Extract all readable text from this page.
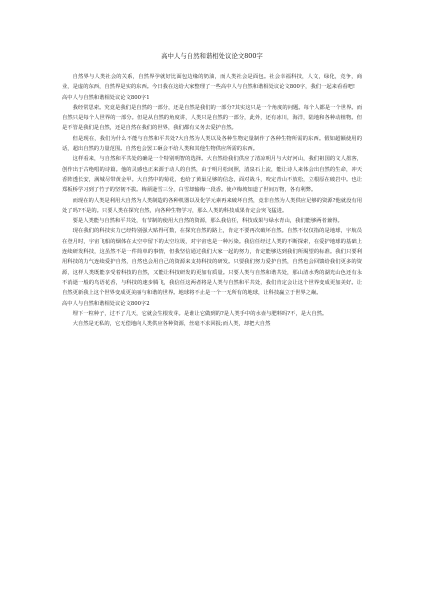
高中人与自然和谐相处议论文800字

自然界与人类社会的关系，自然界孕就好比面包边缘的奶油，而人类社会是面包。社会幸福科技，人文，绿化，竞争，商业，是虚的东西，自然界是实的东西。今日我在这给大家整理了一些高中人与自然和谐相处议论文800字，我们一起来看看吧!

高中人与自然和谐相处议论文800字1

我经常思索。究竟是我们是自然的一部分，还是自然是我们的一部分?其实这只是一个角度的问题。每个人都是一个世界。而自然只是每个人世界的一部分。但是从自然的角度讲，人类只是自然的一部分，此外，还有冰川，海洋，陆地和各种动植物。但是不管是我们是自然，还是自然在我们的世界，我们都有义务去爱护自然。

但是现在，我们为什么不能与自然和平共处?大自然为人类以及各种生物定量制作了各种生物所需的东西。假如超额使用的话，超出自然的力量范围。自然也会罢工砸会不给人类和其他生物供应所需的东西。

这样看来，与自然和平共处的确是一个特别明智的选择。大自然给我们供应了清凉明月与大好河山，我们祖国的文人墨客，创作出于古绝唱的诗篇。他的灵感也正来源于动人的自然，由于明月松间照，清泉石上流，能让诗人来体会出自然的生命，冲天香阵透长安，满城尽带黄金甲。大自然中的菊花，也给了黄巢足够的信念，面对战斗，咬定青山不放松，立根原在破岩中。也让郑板桥学习到了竹子的坚韧不拔。梅须逊雪三分，白雪却输梅一段香。使卢梅坡知道了世间万物，各有利弊。

而现在的人类是利用大自然为人类制造的各种机器以及化学元素再来破坏自然，竟非自然为人类供应足够的资源?他就没有用处了吗?不是的。只要人类在探究自然，向各种生物学习，那么人类的科技成果肯定会突飞猛进。

要是人类能与自然和平共处，有节制的使用大自然的资源，那么我信任，科技成果与绿水青山，我们能够两者兼得。

现在我们的科技实力已经特别强大贴得可数，在探究自然的路上，肯定不要再次破坏自然。自然不仅仅指的是地球，宇航员在登月时，宇宙飞船的烟体在太空中留下的太空垃圾，对宇宙也是一种污染。我信任经过人类的不断探索，在爱护地球的基础上连续研发科技，这虽然不是一件简单的事情，但我坚信通过我们大家一起的努力，肯定能够达到我们所渴望的标准。我们只要利用科技的力气连续爱护自然，自然也会用自己的资源来支持科技的研发。只要我们努力爱护自然，自然也会回馈给我们更多的资源，这样人类既能享受着科技的自然，又能让科技研发的更加有质量。只要人类与自然和谐共处，那山清水秀的湖光山色还有永不消逝一般的鸟语花香，与科技的速步腾飞，我信任这两者将是人类与自然和平共处，我们肯定会让这个世界变成更加美好。让自然更新我上这个世界变成更美丽与和谐的世界。地球将不止是一个一无所有的地球，让科技赢立于世界之巅。

高中人与自然和谐相处议论文800字2

埋下一粒种子，过不了几天，它就会生根发芽。是谁让它做到的?是人类手中的水壶与肥料吗?不，是大自然。

大自然是无私的，它无偿地向人类供应各种资源，丝毫不求回报;而人类，却把大自然
